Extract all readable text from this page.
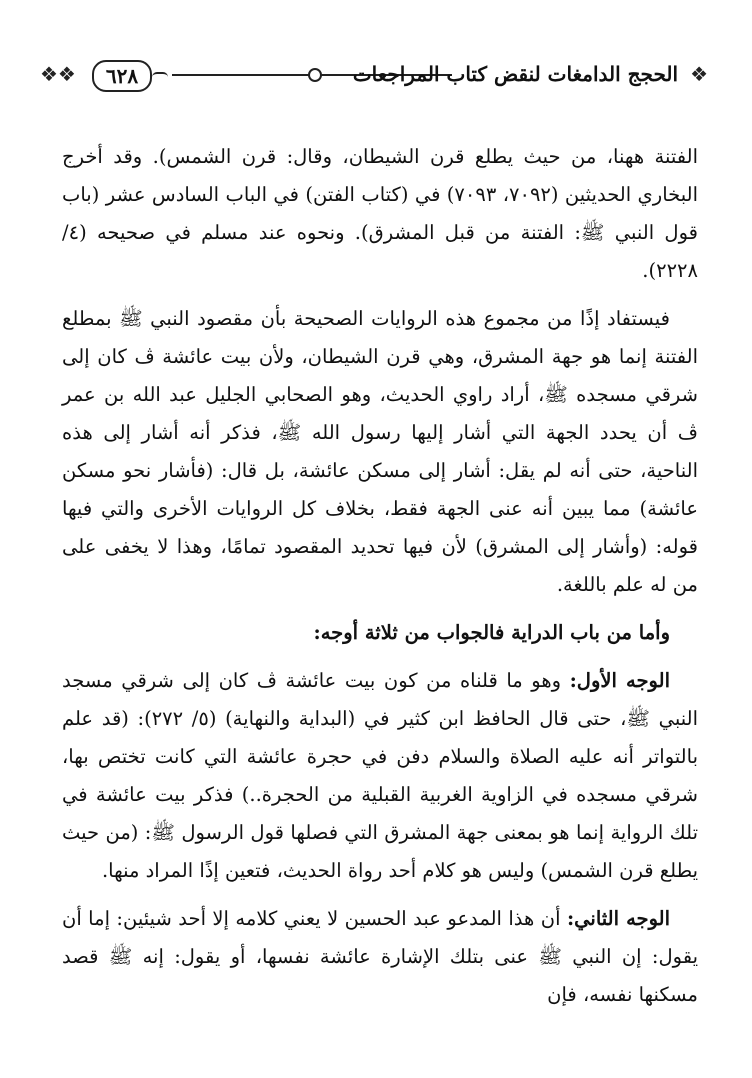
❖❖	٦٢٨	الحجج الدامغات لنقض كتاب المراجعات ❖

الفتنة ههنا، من حيث يطلع قرن الشيطان، وقال: قرن الشمس). وقد أخرج البخاري الحديثين (٧٠٩٢، ٧٠٩٣) في (كتاب الفتن) في الباب السادس عشر (باب قول النبي ﷺ: الفتنة من قبل المشرق). ونحوه عند مسلم في صحيحه (٤/ ٢٢٢٨).

فيستفاد إذًا من مجموع هذه الروايات الصحيحة بأن مقصود النبي ﷺ بمطلع الفتنة إنما هو جهة المشرق، وهي قرن الشيطان، ولأن بيت عائشة ڤ كان إلى شرقي مسجده ﷺ، أراد راوي الحديث، وهو الصحابي الجليل عبد الله بن عمر ڤ أن يحدد الجهة التي أشار إليها رسول الله ﷺ، فذكر أنه أشار إلى هذه الناحية، حتى أنه لم يقل: أشار إلى مسكن عائشة، بل قال: (فأشار نحو مسكن عائشة) مما يبين أنه عنى الجهة فقط، بخلاف كل الروايات الأخرى والتي فيها قوله: (وأشار إلى المشرق) لأن فيها تحديد المقصود تمامًا، وهذا لا يخفى على من له علم باللغة.

وأما من باب الدراية فالجواب من ثلاثة أوجه:

الوجه الأول: وهو ما قلناه من كون بيت عائشة ڤ كان إلى شرقي مسجد النبي ﷺ، حتى قال الحافظ ابن كثير في (البداية والنهاية) (٥/ ٢٧٢): (قد علم بالتواتر أنه عليه الصلاة والسلام دفن في حجرة عائشة التي كانت تختص بها، شرقي مسجده في الزاوية الغربية القبلية من الحجرة..) فذكر بيت عائشة في تلك الرواية إنما هو بمعنى جهة المشرق التي فصلها قول الرسول ﷺ: (من حيث يطلع قرن الشمس) وليس هو كلام أحد رواة الحديث، فتعين إذًا المراد منها.

الوجه الثاني: أن هذا المدعو عبد الحسين لا يعني كلامه إلا أحد شيئين: إما أن يقول: إن النبي ﷺ عنى بتلك الإشارة عائشة نفسها، أو يقول: إنه ﷺ قصد مسكنها نفسه، فإن
